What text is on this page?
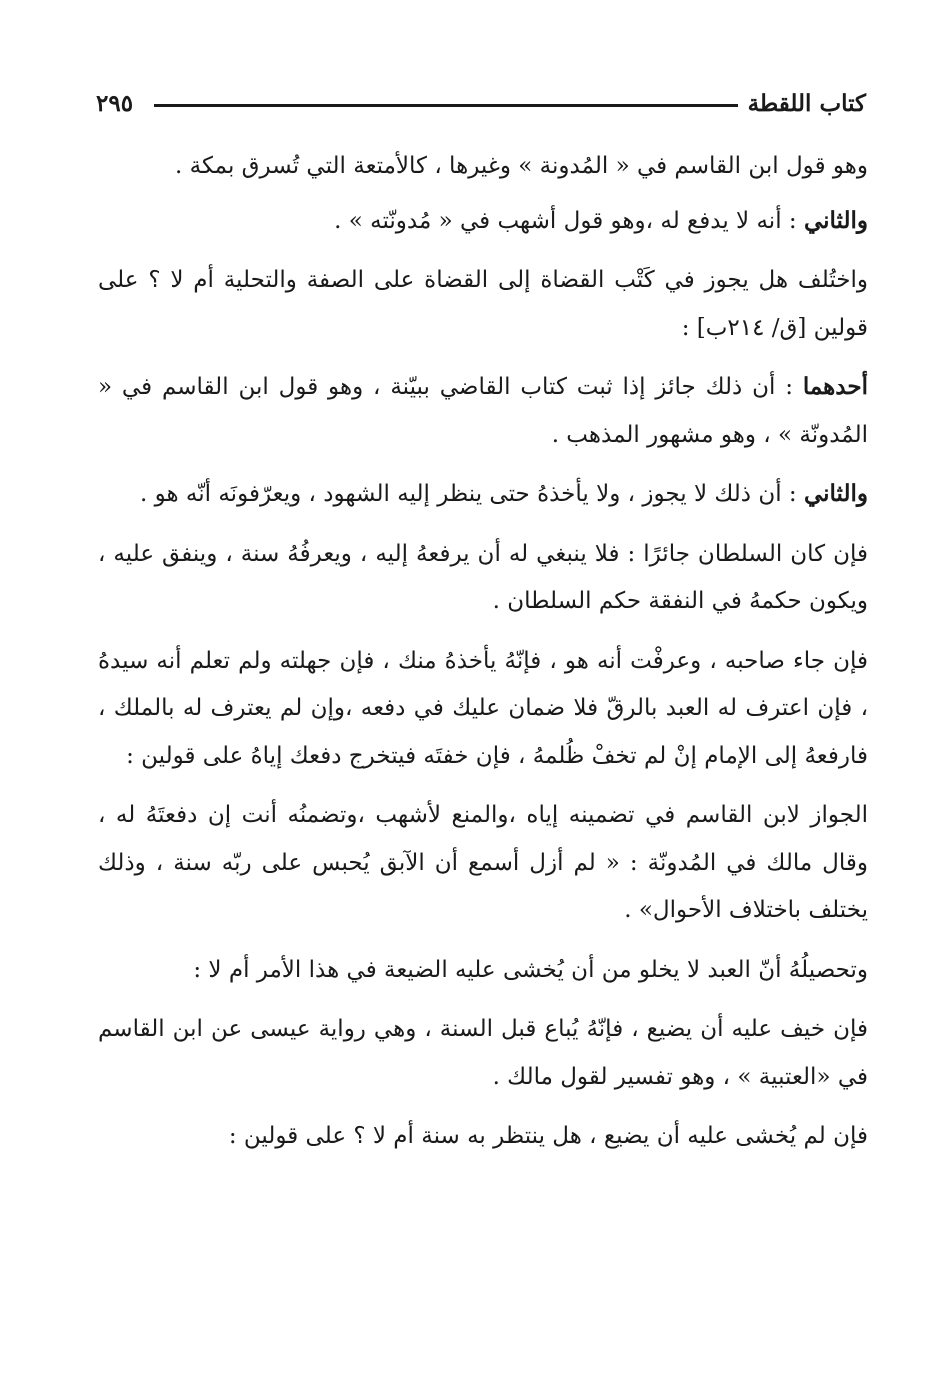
كتاب اللقطة
٢٩٥

وهو قول ابن القاسم في « المُدونة » وغيرها ، كالأمتعة التي تُسرق بمكة .

والثاني : أنه لا يدفع له ،وهو قول أشهب في « مُدونّته » .

واختُلف هل يجوز في كَتْب القضاة إلى القضاة على الصفة والتحلية أم لا ؟ على قولين [ق/ ٢١٤ب] :

أحدهما : أن ذلك جائز إذا ثبت كتاب القاضي ببيّنة ، وهو قول ابن القاسم في « المُدونّة » ، وهو مشهور المذهب .

والثاني : أن ذلك لا يجوز ، ولا يأخذهُ حتى ينظر إليه الشهود ، ويعرّفونَه أنّه هو .

فإن كان السلطان جائرًا : فلا ينبغي له أن يرفعهُ إليه ، ويعرفُهُ سنة ، وينفق عليه ، ويكون حكمهُ في النفقة حكم السلطان .

فإن جاء صاحبه ، وعرفْت أنه هو ، فإنّهُ يأخذهُ منك ، فإن جهلته ولم تعلم أنه سيدهُ ، فإن اعترف له العبد بالرقّ فلا ضمان عليك في دفعه ،وإن لم يعترف له بالملك ، فارفعهُ إلى الإمام إنْ لم تخفْ ظُلمهُ ، فإن خفتَه فيتخرج دفعك إياهُ على قولين :

الجواز لابن القاسم في تضمينه إياه ،والمنع لأشهب ،وتضمنُه أنت إن دفعتَهُ له ، وقال مالك في المُدونّة : « لم أزل أسمع أن الآبق يُحبس على ربّه سنة ، وذلك يختلف باختلاف الأحوال» .

وتحصيلُهُ أنّ العبد لا يخلو من أن يُخشى عليه الضيعة في هذا الأمر أم لا :

فإن خيف عليه أن يضيع ، فإنّهُ يُباع قبل السنة ، وهي رواية عيسى عن ابن القاسم في «العتبية » ، وهو تفسير لقول مالك .

فإن لم يُخشى عليه أن يضيع ، هل ينتظر به سنة أم لا ؟ على قولين :
